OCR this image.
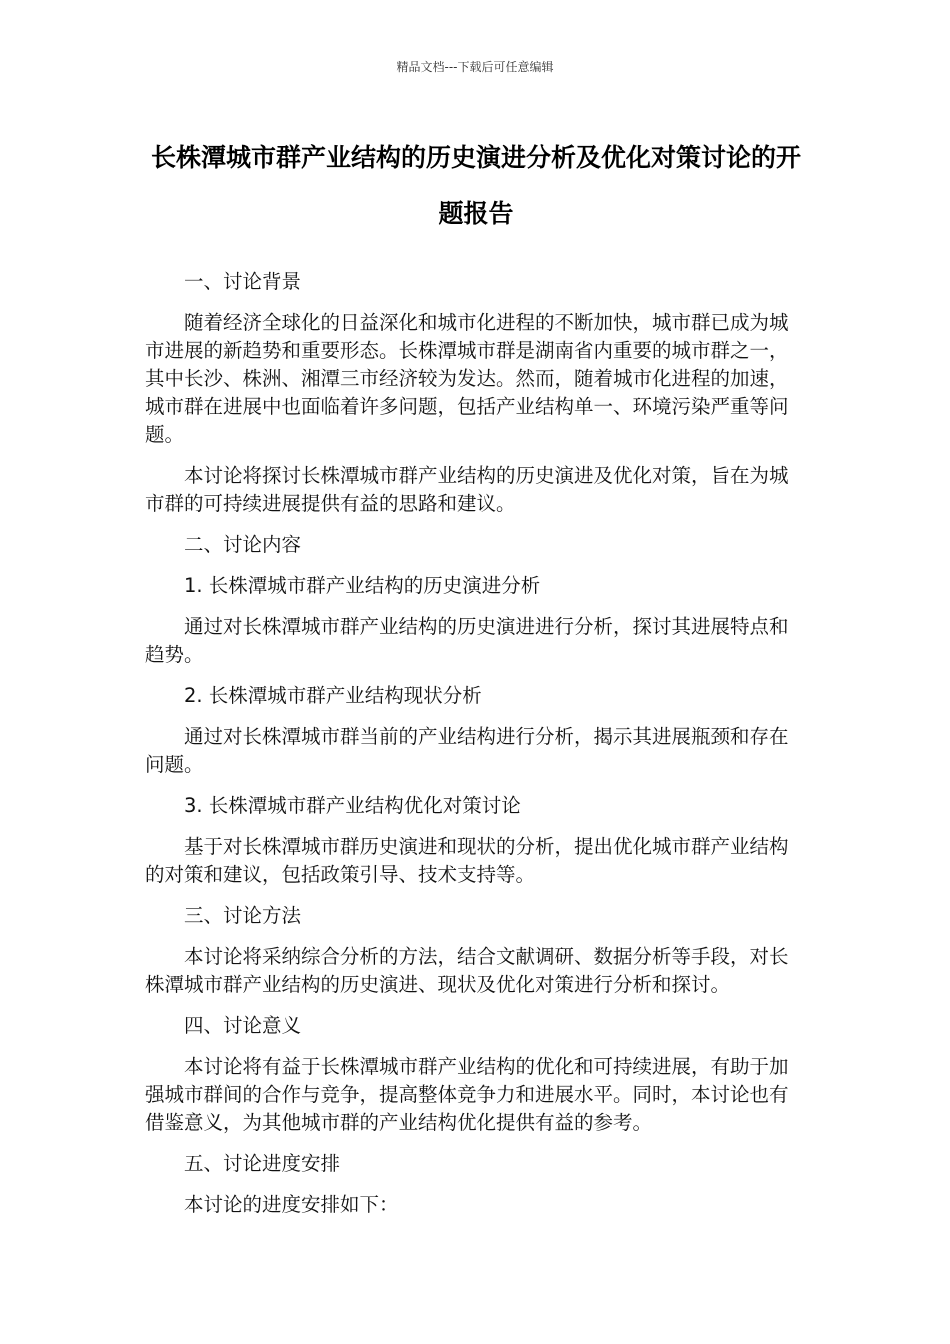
精品文档---下载后可任意编辑
长株潭城市群产业结构的历史演进分析及优化对策讨论的开题报告

一、讨论背景

随着经济全球化的日益深化和城市化进程的不断加快，城市群已成为城市进展的新趋势和重要形态。长株潭城市群是湖南省内重要的城市群之一，其中长沙、株洲、湘潭三市经济较为发达。然而，随着城市化进程的加速，城市群在进展中也面临着许多问题，包括产业结构单一、环境污染严重等问题。

本讨论将探讨长株潭城市群产业结构的历史演进及优化对策，旨在为城市群的可持续进展提供有益的思路和建议。

二、讨论内容

1. 长株潭城市群产业结构的历史演进分析

通过对长株潭城市群产业结构的历史演进进行分析，探讨其进展特点和趋势。

2. 长株潭城市群产业结构现状分析

通过对长株潭城市群当前的产业结构进行分析，揭示其进展瓶颈和存在问题。

3. 长株潭城市群产业结构优化对策讨论

基于对长株潭城市群历史演进和现状的分析，提出优化城市群产业结构的对策和建议，包括政策引导、技术支持等。

三、讨论方法

本讨论将采纳综合分析的方法，结合文献调研、数据分析等手段，对长株潭城市群产业结构的历史演进、现状及优化对策进行分析和探讨。

四、讨论意义

本讨论将有益于长株潭城市群产业结构的优化和可持续进展，有助于加强城市群间的合作与竞争，提高整体竞争力和进展水平。同时，本讨论也有借鉴意义，为其他城市群的产业结构优化提供有益的参考。

五、讨论进度安排

本讨论的进度安排如下：
